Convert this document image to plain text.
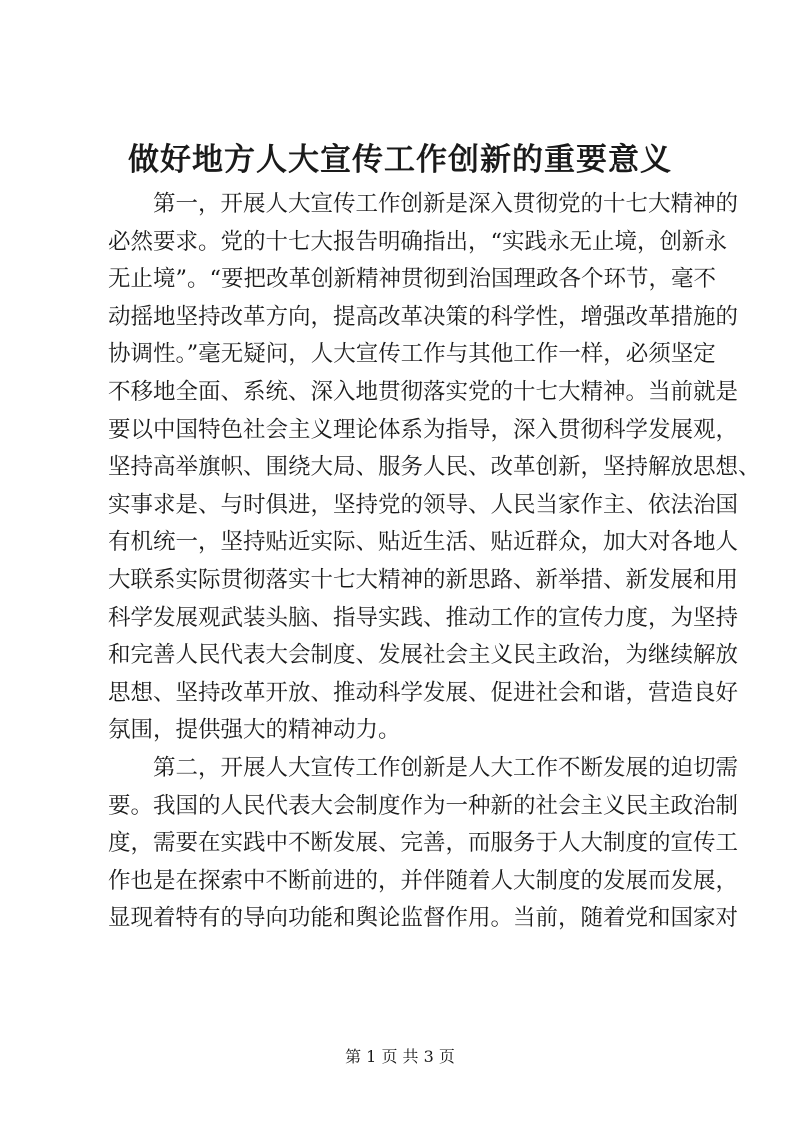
做好地方人大宣传工作创新的重要意义
第一，开展人大宣传工作创新是深入贯彻党的十七大精神的
必然要求。党的十七大报告明确指出，“实践永无止境，创新永
无止境”。“要把改革创新精神贯彻到治国理政各个环节，毫不
动摇地坚持改革方向，提高改革决策的科学性，增强改革措施的
协调性。”毫无疑问，人大宣传工作与其他工作一样，必须坚定
不移地全面、系统、深入地贯彻落实党的十七大精神。当前就是
要以中国特色社会主义理论体系为指导，深入贯彻科学发展观，
坚持高举旗帜、围绕大局、服务人民、改革创新，坚持解放思想、
实事求是、与时俱进，坚持党的领导、人民当家作主、依法治国
有机统一，坚持贴近实际、贴近生活、贴近群众，加大对各地人
大联系实际贯彻落实十七大精神的新思路、新举措、新发展和用
科学发展观武装头脑、指导实践、推动工作的宣传力度，为坚持
和完善人民代表大会制度、发展社会主义民主政治，为继续解放
思想、坚持改革开放、推动科学发展、促进社会和谐，营造良好
氛围，提供强大的精神动力。
第二，开展人大宣传工作创新是人大工作不断发展的迫切需
要。我国的人民代表大会制度作为一种新的社会主义民主政治制
度，需要在实践中不断发展、完善，而服务于人大制度的宣传工
作也是在探索中不断前进的，并伴随着人大制度的发展而发展，
显现着特有的导向功能和舆论监督作用。当前，随着党和国家对
第 1 页 共 3 页
